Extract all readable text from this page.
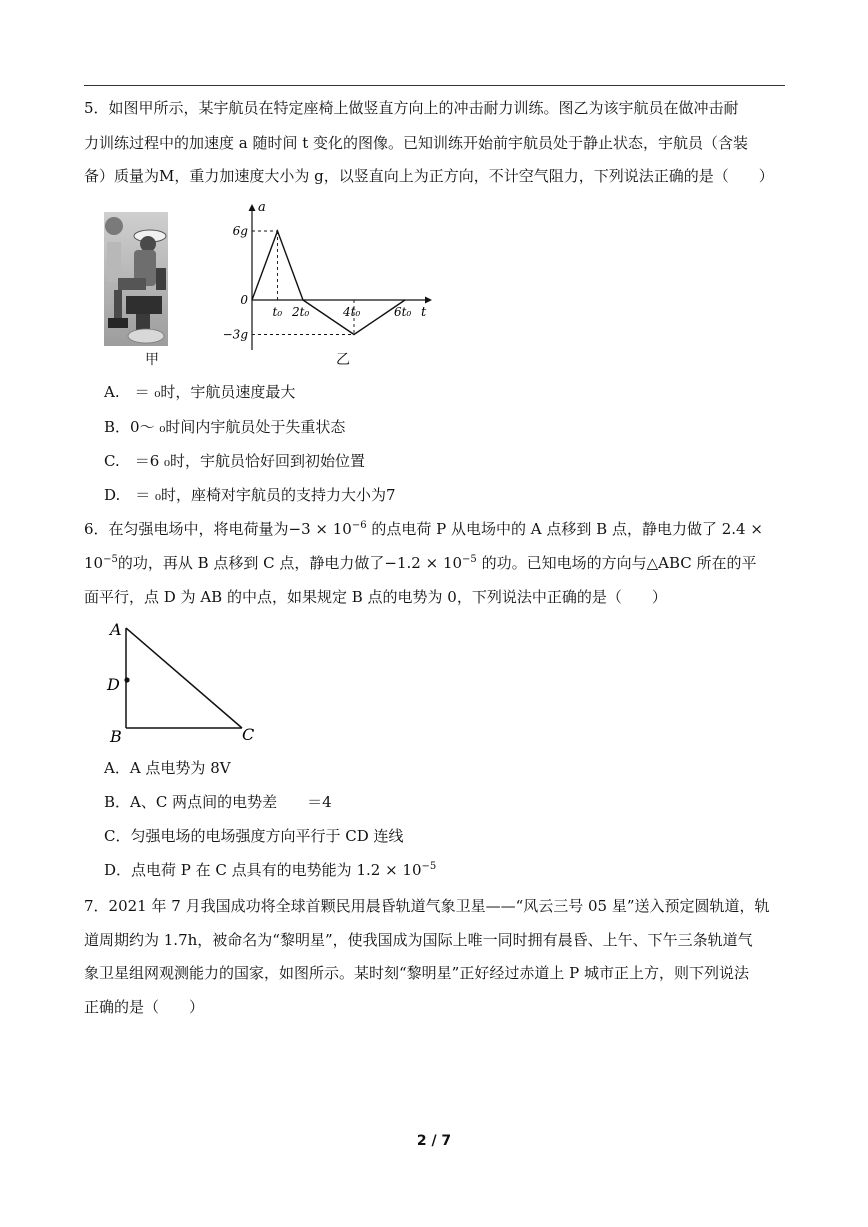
5．如图甲所示，某宇航员在特定座椅上做竖直方向上的冲击耐力训练。图乙为该宇航员在做冲击耐
力训练过程中的加速度 a 随时间 t 变化的图像。已知训练开始前宇航员处于静止状态，宇航员（含装
备）质量为M，重力加速度大小为 g，以竖直向上为正方向，不计空气阻力，下列说法正确的是（　　）
甲
t₀ 2t₀	4t₀	6t₀
6g
0
−3g
a
t
乙
A.　＝ ₀时，宇航员速度最大
B．0～ ₀时间内宇航员处于失重状态
C.　＝6 ₀时，宇航员恰好回到初始位置
D.　＝ ₀时，座椅对宇航员的支持力大小为7
6．在匀强电场中，将电荷量为$-3 \times 10^{-6}$ 的点电荷 P 从电场中的 A 点移到 B 点，静电力做了 2.4 ×
$10^{-5}$的功，再从 B 点移到 C 点，静电力做了$-1.2 \times 10^{-5}$ 的功。已知电场的方向与△ABC 所在的平
面平行，点 D 为 AB 的中点，如果规定 B 点的电势为 0，下列说法中正确的是（　　）
A
D
B	C
A．A 点电势为 8V
B．A、C 两点间的电势差　　＝4
C．匀强电场的电场强度方向平行于 CD 连线
D．点电荷 P 在 C 点具有的电势能为 $1.2 \times 10^{-5}$
7．2021 年 7 月我国成功将全球首颗民用晨昏轨道气象卫星——“风云三号 05 星”送入预定圆轨道，轨
道周期约为 1.7h，被命名为“黎明星”，使我国成为国际上唯一同时拥有晨昏、上午、下午三条轨道气
象卫星组网观测能力的国家，如图所示。某时刻“黎明星”正好经过赤道上 P 城市正上方，则下列说法
正确的是（　　）
2 / 7
